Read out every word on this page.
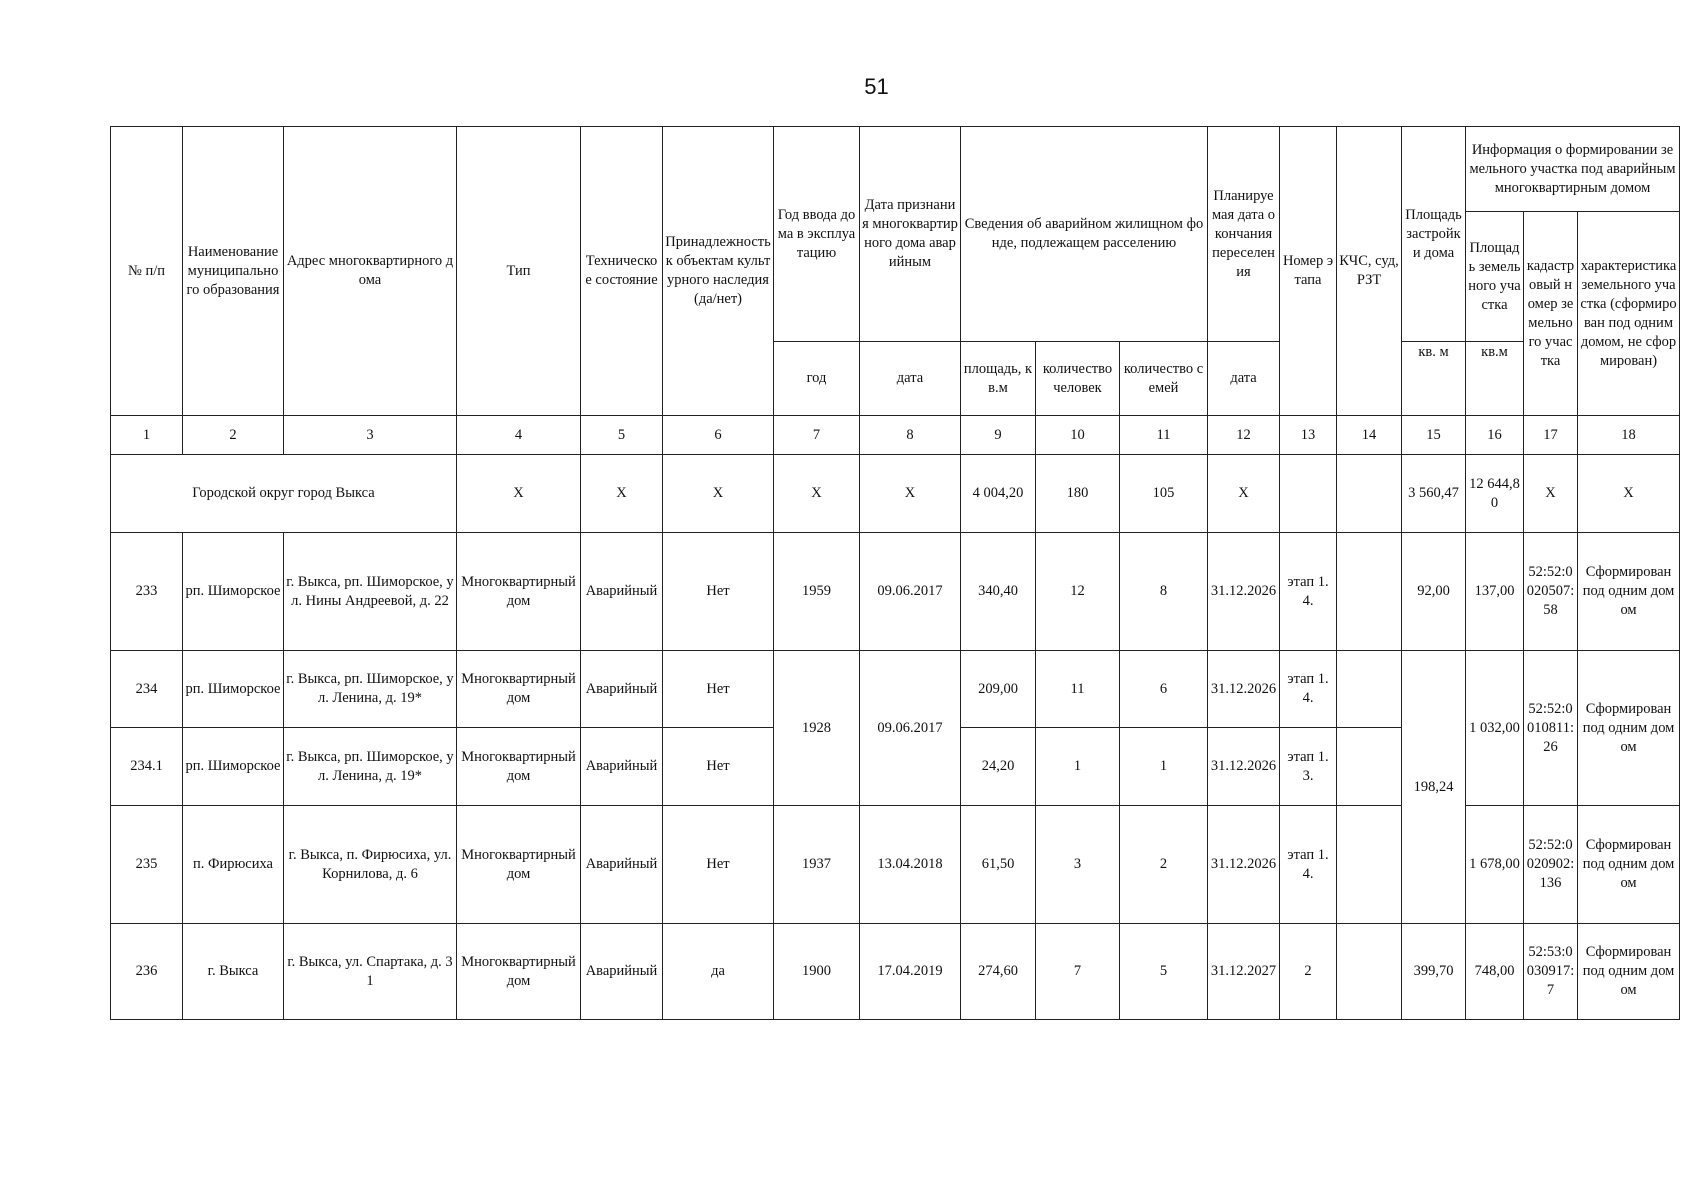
51
№ п/п	Наименование муниципального образования	Адрес многоквартирного дома	Тип	Техническое состояние	Принадлежность к объектам культурного наследия (да/нет)	Год ввода дома в эксплуатацию	Дата признания многоквартирного дома аварийным	Сведения об аварийном жилищном фонде, подлежащем расселению			Планируемая дата окончания переселения	Номер этапа	КЧС, суд, РЗТ	Площадь застройки дома	Информация о формировании земельного участка под аварийным многоквартирным домом		
															Площадь земельного участка	кадастровый номер земельного участка	характеристика земельного участка (сформирован под одним домом, не сформирован)
						год	дата	площадь, кв.м	количество человек	количество семей	дата			кв. м	кв.м		
1	2	3	4	5	6	7	8	9	10	11	12	13	14	15	16	17	18
Городской округ город Выкса			X	X	X	X	X	4 004,20	180	105	X			3 560,47	12 644,80	X	X
233	рп. Шиморское	г. Выкса, рп. Шиморское, ул. Нины Андреевой, д. 22	Многоквартирный дом	Аварийный	Нет	1959	09.06.2017	340,40	12	8	31.12.2026	этап 1.4.		92,00	137,00	52:52:0020507:58	Сформирован под одним домом
234	рп. Шиморское	г. Выкса, рп. Шиморское, ул. Ленина, д. 19*	Многоквартирный дом	Аварийный	Нет	1928	09.06.2017	209,00	11	6	31.12.2026	этап 1.4.		198,24	1 032,00	52:52:0010811:26	Сформирован под одним домом
234.1	рп. Шиморское	г. Выкса, рп. Шиморское, ул. Ленина, д. 19*	Многоквартирный дом	Аварийный	Нет			24,20	1	1	31.12.2026	этап 1.3.					
235	п. Фирюсиха	г. Выкса, п. Фирюсиха, ул. Корнилова, д. 6	Многоквартирный дом	Аварийный	Нет	1937	13.04.2018	61,50	3	2	31.12.2026	этап 1.4.			1 678,00	52:52:0020902:136	Сформирован под одним домом
236	г. Выкса	г. Выкса, ул. Спартака, д. 31	Многоквартирный дом	Аварийный	да	1900	17.04.2019	274,60	7	5	31.12.2027	2		399,70	748,00	52:53:0030917:7	Сформирован под одним домом
